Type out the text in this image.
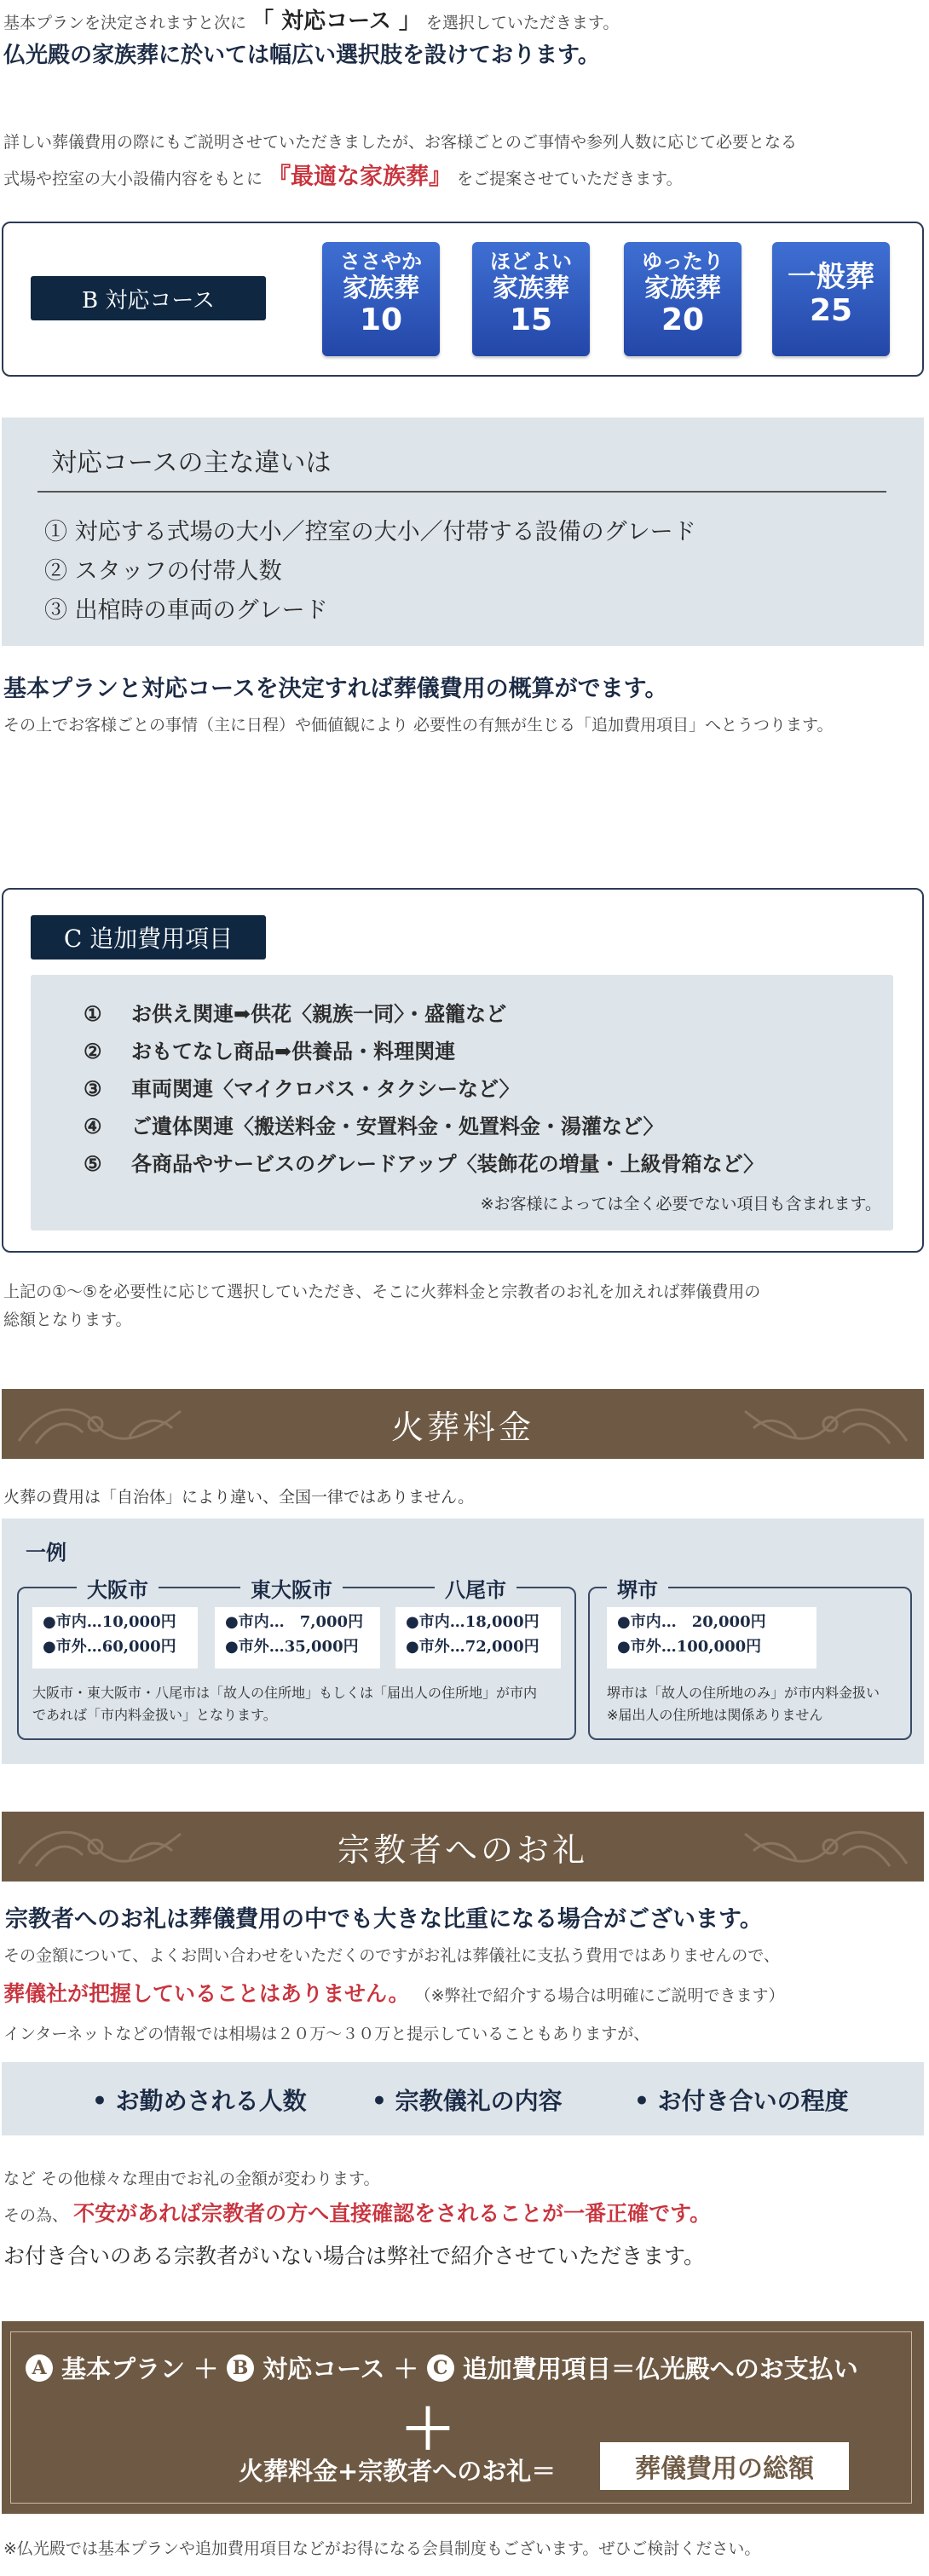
基本プランを決定されますと次に 「 対応コース 」 を選択していただきます。
仏光殿の家族葬に於いては幅広い選択肢を設けております。
詳しい葬儀費用の際にもご説明させていただきましたが、お客様ごとのご事情や参列人数に応じて必要となる
式場や控室の大小設備内容をもとに 『最適な家族葬』 をご提案させていただきます。
B 対応コース
ささやか
家族葬
10
ほどよい
家族葬
15
ゆったり
家族葬
20
一般葬
25
対応コースの主な違いは
① 対応する式場の大小／控室の大小／付帯する設備のグレード
② スタッフの付帯人数
③ 出棺時の車両のグレード
基本プランと対応コースを決定すれば葬儀費用の概算がでます。
その上でお客様ごとの事情（主に日程）や価値観により 必要性の有無が生じる「追加費用項目」へとうつります。
C 追加費用項目
① お供え関連➡供花〈親族一同〉・盛籠など
② おもてなし商品➡供養品・料理関連
③ 車両関連〈マイクロバス・タクシーなど〉
④ ご遺体関連〈搬送料金・安置料金・処置料金・湯灌など〉
⑤ 各商品やサービスのグレードアップ〈装飾花の増量・上級骨箱など〉
※お客様によっては全く必要でない項目も含まれます。
上記の①～⑤を必要性に応じて選択していただき、そこに火葬料金と宗教者のお礼を加えれば葬儀費用の
総額となります。
火葬料金
火葬の費用は「自治体」により違い、全国一律ではありません。
一例
大阪市	東大阪市	八尾市
●市内…10,000円
●市外…60,000円
●市内…　7,000円
●市外…35,000円
●市内…18,000円
●市外…72,000円
大阪市・東大阪市・八尾市は「故人の住所地」もしくは「届出人の住所地」が市内
であれば「市内料金扱い」となります。
堺市
●市内…　20,000円
●市外…100,000円
堺市は「故人の住所地のみ」が市内料金扱い
※届出人の住所地は関係ありません
宗教者へのお礼
宗教者へのお礼は葬儀費用の中でも大きな比重になる場合がございます。
その金額について、よくお問い合わせをいただくのですがお礼は葬儀社に支払う費用ではありませんので、
葬儀社が把握していることはありません。 （※弊社で紹介する場合は明確にご説明できます）
インターネットなどの情報では相場は２０万～３０万と提示していることもありますが、
• お勤めされる人数	• 宗教儀礼の内容	• お付き合いの程度
など その他様々な理由でお礼の金額が変わります。
その為、 不安があれば宗教者の方へ直接確認をされることが一番正確です。
お付き合いのある宗教者がいない場合は弊社で紹介させていただきます。
A 基本プラン ＋ B 対応コース ＋ C 追加費用項目＝仏光殿へのお支払い
＋
火葬料金+宗教者へのお礼＝	葬儀費用の総額
※仏光殿では基本プランや追加費用項目などがお得になる会員制度もございます。ぜひご検討ください。
